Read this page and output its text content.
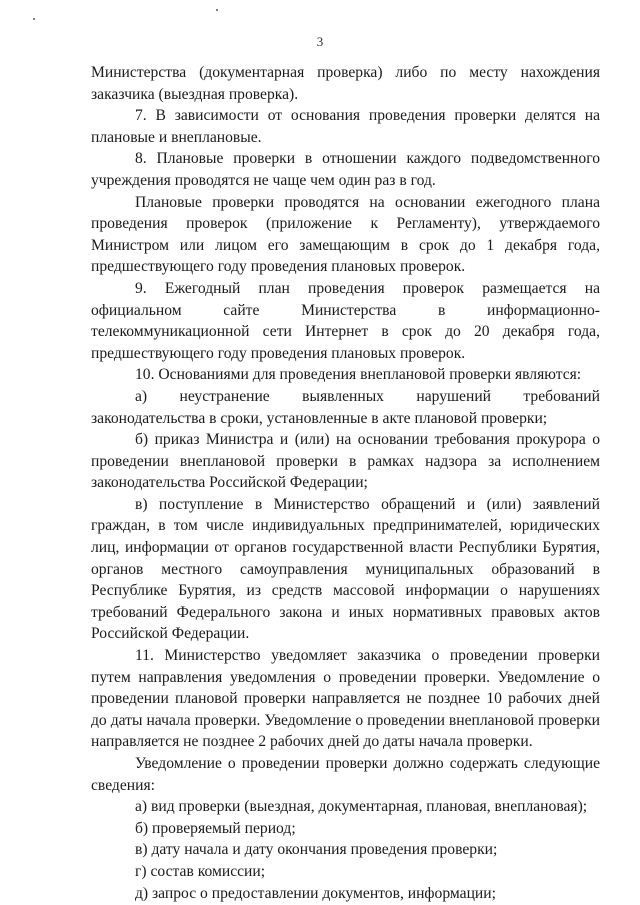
3

Министерства (документарная проверка) либо по месту нахождения заказчика (выездная проверка).

7. В зависимости от основания проведения проверки делятся на плановые и внеплановые.

8. Плановые проверки в отношении каждого подведомственного учреждения проводятся не чаще чем один раз в год.

Плановые проверки проводятся на основании ежегодного плана проведения проверок (приложение к Регламенту), утверждаемого Министром или лицом его замещающим в срок до 1 декабря года, предшествующего году проведения плановых проверок.

9. Ежегодный план проведения проверок размещается на официальном сайте Министерства в информационно-телекоммуникационной сети Интернет в срок до 20 декабря года, предшествующего году проведения плановых проверок.

10. Основаниями для проведения внеплановой проверки являются:

а) неустранение выявленных нарушений требований законодательства в сроки, установленные в акте плановой проверки;

б) приказ Министра и (или) на основании требования прокурора о проведении внеплановой проверки в рамках надзора за исполнением законодательства Российской Федерации;

в) поступление в Министерство обращений и (или) заявлений граждан, в том числе индивидуальных предпринимателей, юридических лиц, информации от органов государственной власти Республики Бурятия, органов местного самоуправления муниципальных образований в Республике Бурятия, из средств массовой информации о нарушениях требований Федерального закона и иных нормативных правовых актов Российской Федерации.

11. Министерство уведомляет заказчика о проведении проверки путем направления уведомления о проведении проверки. Уведомление о проведении плановой проверки направляется не позднее 10 рабочих дней до даты начала проверки. Уведомление о проведении внеплановой проверки направляется не позднее 2 рабочих дней до даты начала проверки.

Уведомление о проведении проверки должно содержать следующие сведения:

а) вид проверки (выездная, документарная, плановая, внеплановая);

б) проверяемый период;

в) дату начала и дату окончания проведения проверки;

г) состав комиссии;

д) запрос о предоставлении документов, информации;
